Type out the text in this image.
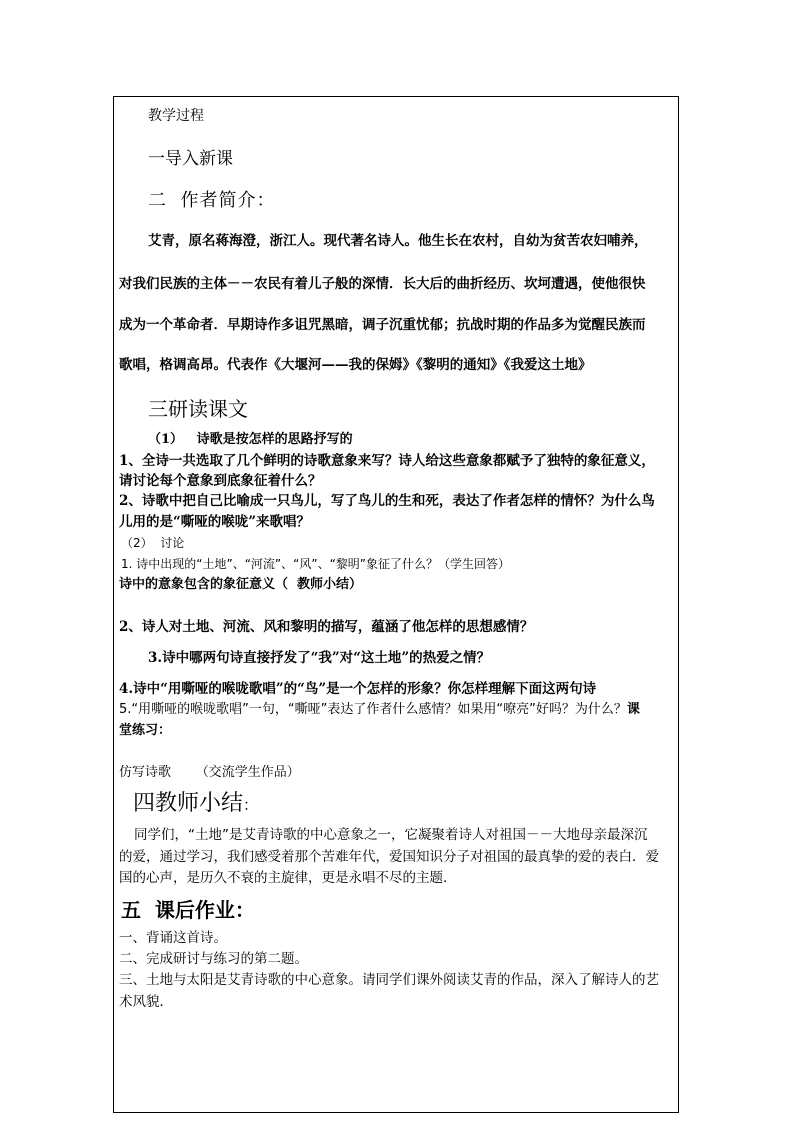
教学过程
一导入新课
二  作者简介：
艾青，原名蒋海澄，浙江人。现代著名诗人。他生长在农村，自幼为贫苦农妇哺养，
对我们民族的主体－－农民有着儿子般的深情．长大后的曲折经历、坎坷遭遇，使他很快
成为一个革命者．早期诗作多诅咒黑暗，调子沉重忧郁；抗战时期的作品多为觉醒民族而
歌唱，格调高昂。代表作《大堰河——我的保姆》《黎明的通知》《我爱这土地》
三研读课文
（1）   诗歌是按怎样的思路抒写的
1、全诗一共选取了几个鲜明的诗歌意象来写？诗人给这些意象都赋予了独特的象征意义，
请讨论每个意象到底象征着什么？
2、诗歌中把自己比喻成一只鸟儿，写了鸟儿的生和死，表达了作者怎样的情怀？为什么鸟
儿用的是“嘶哑的喉咙”来歌唱？
（2）  讨论
1. 诗中出现的“土地”、“河流”、“风”、“黎明”象征了什么？（学生回答）
诗中的意象包含的象征意义（  教师小结）
2、诗人对土地、河流、风和黎明的描写，蕴涵了他怎样的思想感情？
3.诗中哪两句诗直接抒发了“我”对“这土地”的热爱之情？
4.诗中“用嘶哑的喉咙歌唱”的“鸟”是一个怎样的形象？你怎样理解下面这两句诗
5.“用嘶哑的喉咙歌唱”一句，“嘶哑”表达了作者什么感情？如果用“嘹亮”好吗？为什么？课
堂练习：
仿写诗歌      （交流学生作品）
四教师小结：
同学们，“土地”是艾青诗歌的中心意象之一，它凝聚着诗人对祖国－－大地母亲最深沉
的爱，通过学习，我们感受着那个苦难年代，爱国知识分子对祖国的最真挚的爱的表白．爱
国的心声，是历久不衰的主旋律，更是永唱不尽的主题．
五  课后作业：
一、背诵这首诗。
二、完成研讨与练习的第二题。
三、土地与太阳是艾青诗歌的中心意象。请同学们课外阅读艾青的作品，深入了解诗人的艺
术风貌．
